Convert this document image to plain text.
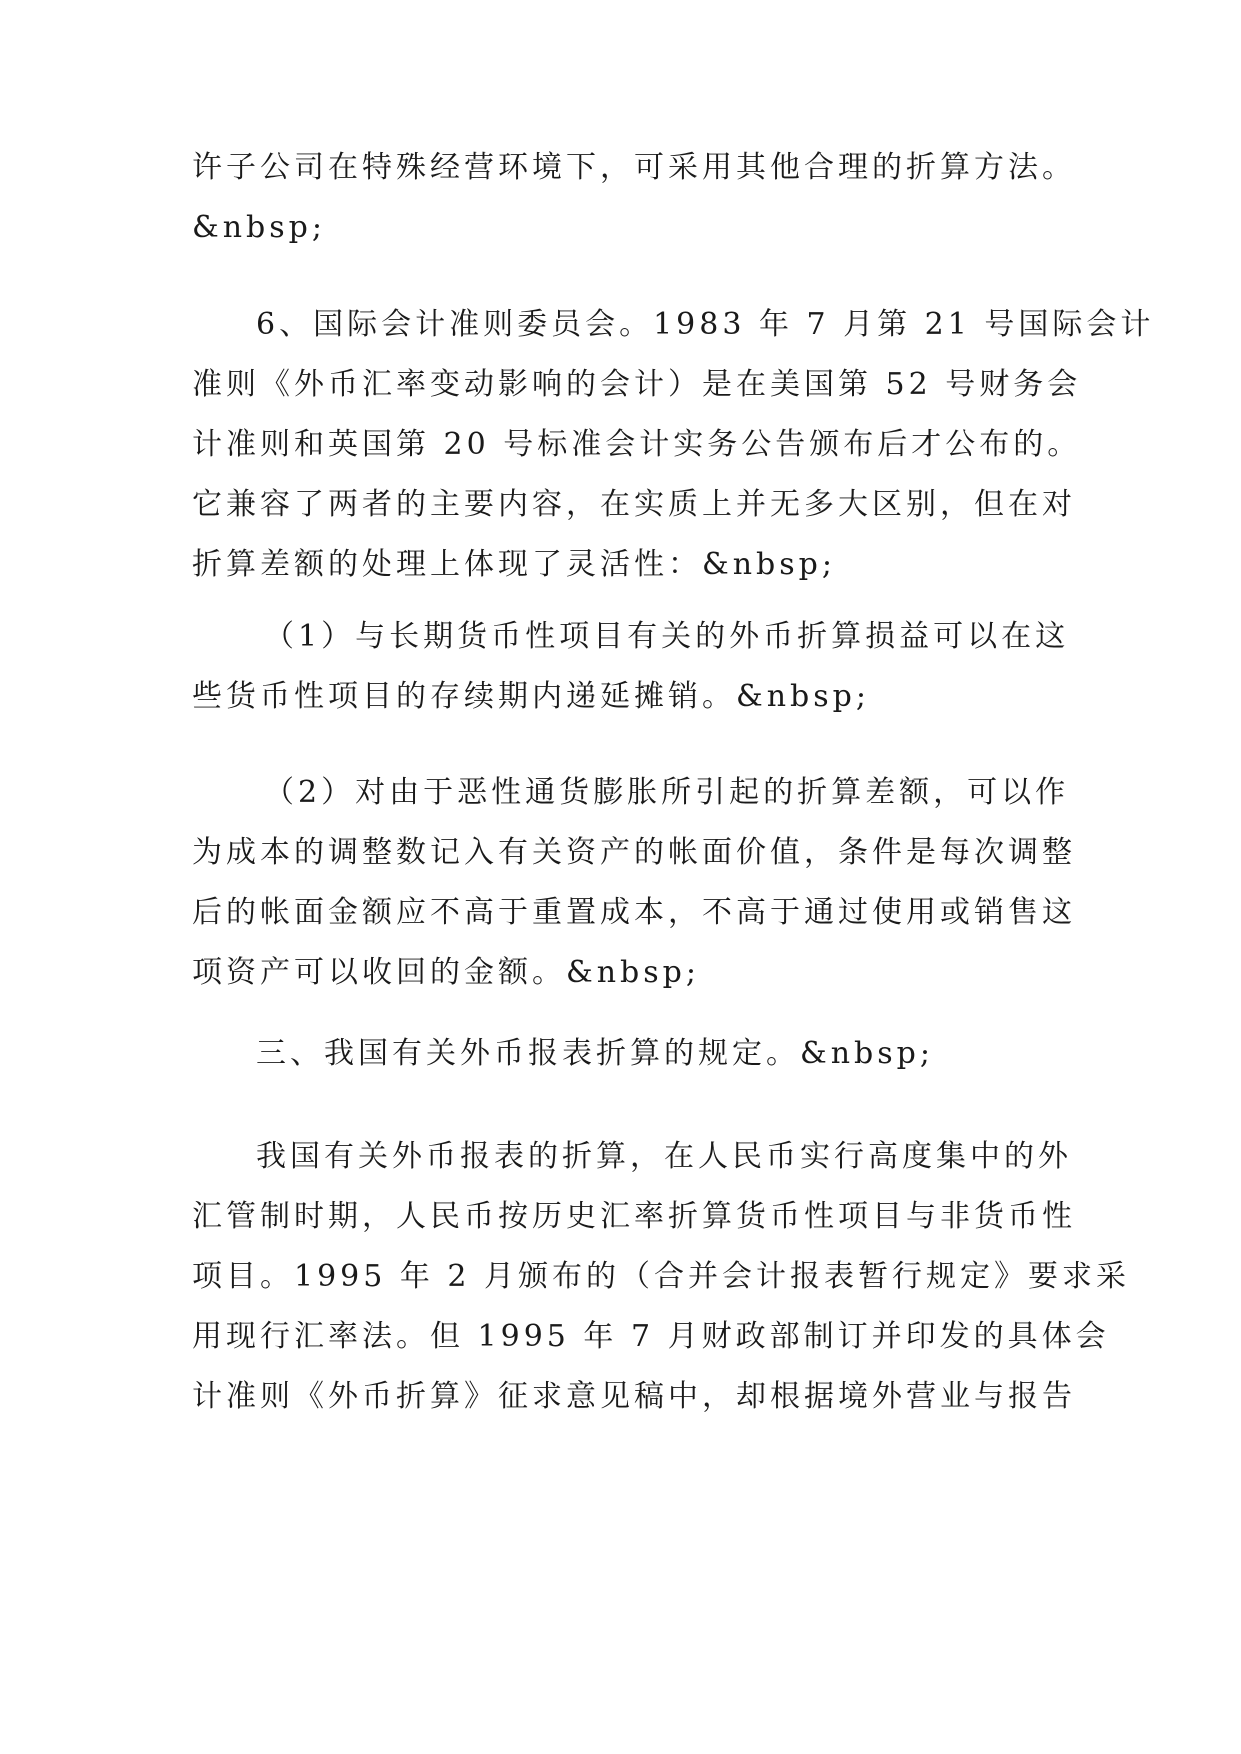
许子公司在特殊经营环境下，可采用其他合理的折算方法。
&nbsp;
6、国际会计准则委员会。1983 年 7 月第 21 号国际会计
准则《外币汇率变动影响的会计）是在美国第 52 号财务会
计准则和英国第 20 号标准会计实务公告颁布后才公布的。
它兼容了两者的主要内容，在实质上并无多大区别，但在对
折算差额的处理上体现了灵活性：&nbsp;
（1）与长期货币性项目有关的外币折算损益可以在这
些货币性项目的存续期内递延摊销。&nbsp;
（2）对由于恶性通货膨胀所引起的折算差额，可以作
为成本的调整数记入有关资产的帐面价值，条件是每次调整
后的帐面金额应不高于重置成本，不高于通过使用或销售这
项资产可以收回的金额。&nbsp;
三、我国有关外币报表折算的规定。&nbsp;
我国有关外币报表的折算，在人民币实行高度集中的外
汇管制时期，人民币按历史汇率折算货币性项目与非货币性
项目。1995 年 2 月颁布的（合并会计报表暂行规定》要求采
用现行汇率法。但 1995 年 7 月财政部制订并印发的具体会
计准则《外币折算》征求意见稿中，却根据境外营业与报告
